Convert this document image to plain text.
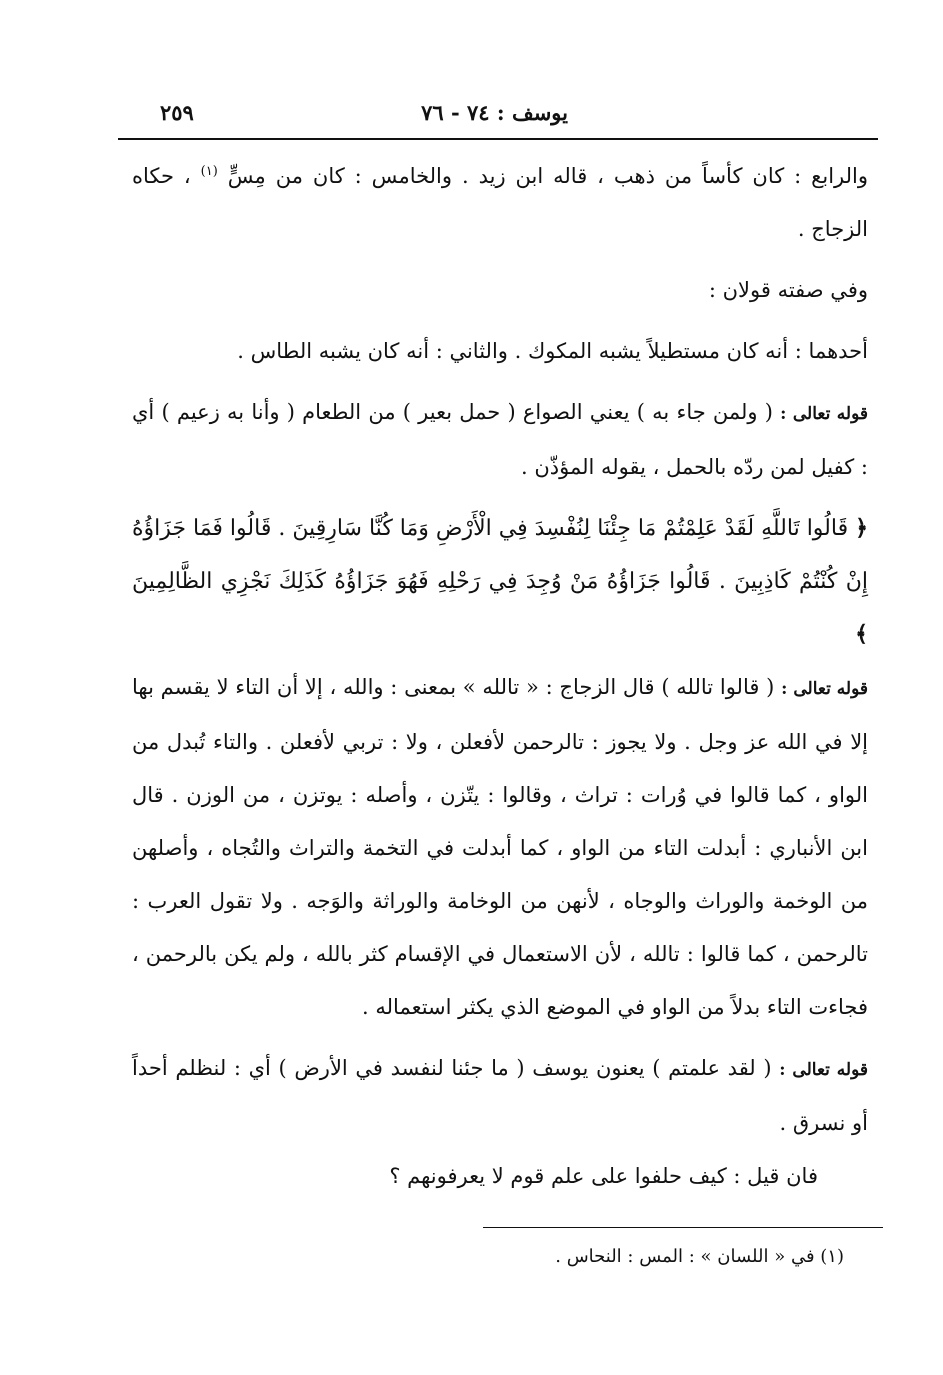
يوسف : ٧٤ - ٧٦
٢٥٩

والرابع : كان كأساً من ذهب ، قاله ابن زيد . والخامس : كان من مِسٍّ $^{(١)}$ ، حكاه الزجاج .

وفي صفته قولان :

أحدهما : أنه كان مستطيلاً يشبه المكوك . والثاني : أنه كان يشبه الطاس .

قوله تعالى : ( ولمن جاء به ) يعني الصواع ( حمل بعير ) من الطعام ( وأنا به زعيم ) أي : كفيل لمن ردّه بالحمل ، يقوله المؤذّن .

﴿ قَالُوا تَاللَّهِ لَقَدْ عَلِمْتُمْ مَا جِئْنَا لِنُفْسِدَ فِي الْأَرْضِ وَمَا كُنَّا سَارِقِينَ . قَالُوا فَمَا جَزَاؤُهُ إِنْ كُنْتُمْ كَاذِبِينَ . قَالُوا جَزَاؤُهُ مَنْ وُجِدَ فِي رَحْلِهِ فَهُوَ جَزَاؤُهُ كَذَلِكَ نَجْزِي الظَّالِمِينَ ﴾

قوله تعالى : ( قالوا تالله ) قال الزجاج : « تالله » بمعنى : والله ، إلا أن التاء لا يقسم بها إلا في الله عز وجل . ولا يجوز : تالرحمن لأفعلن ، ولا : تربي لأفعلن . والتاء تُبدل من الواو ، كما قالوا في وُرات : تراث ، وقالوا : يتّزن ، وأصله : يوتزن ، من الوزن . قال ابن الأنباري : أبدلت التاء من الواو ، كما أبدلت في التخمة والتراث والتُجاه ، وأصلهن من الوخمة والوراث والوجاه ، لأنهن من الوخامة والوراثة والوَجه . ولا تقول العرب : تالرحمن ، كما قالوا : تالله ، لأن الاستعمال في الإقسام كثر بالله ، ولم يكن بالرحمن ، فجاءت التاء بدلاً من الواو في الموضع الذي يكثر استعماله .

قوله تعالى : ( لقد علمتم ) يعنون يوسف ( ما جئنا لنفسد في الأرض ) أي : لنظلم أحداً أو نسرق .

فان قيل : كيف حلفوا على علم قوم لا يعرفونهم ؟

(١) في « اللسان » : المس : النحاس .
